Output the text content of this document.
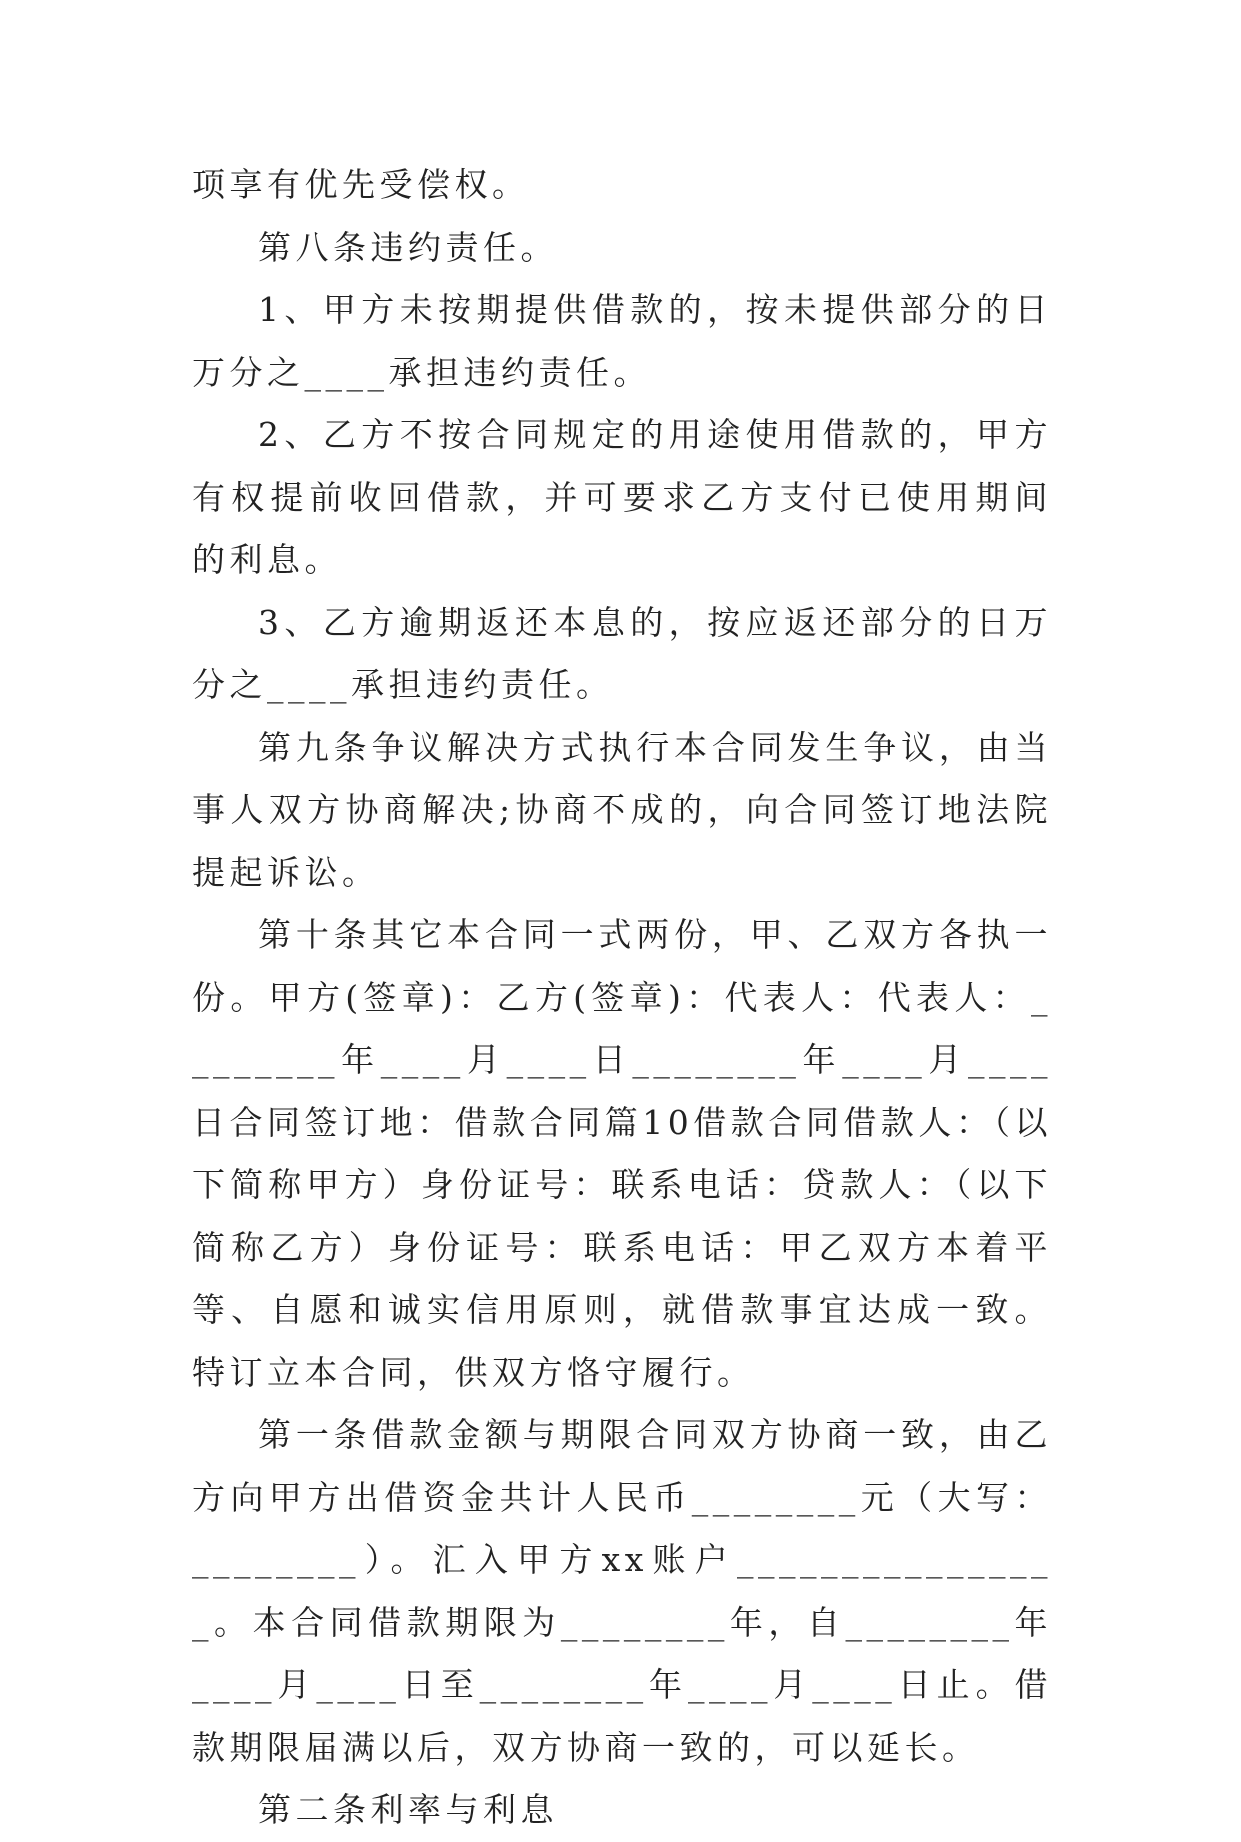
项享有优先受偿权。

第八条违约责任。

1、甲方未按期提供借款的，按未提供部分的日万分之____承担违约责任。

2、乙方不按合同规定的用途使用借款的，甲方有权提前收回借款，并可要求乙方支付已使用期间的利息。

3、乙方逾期返还本息的，按应返还部分的日万分之____承担违约责任。

第九条争议解决方式执行本合同发生争议，由当事人双方协商解决;协商不成的，向合同签订地法院提起诉讼。

第十条其它本合同一式两份，甲、乙双方各执一份。甲方(签章)：乙方(签章)：代表人：代表人：________年____月____日________年____月____日合同签订地：借款合同篇10借款合同借款人：（以下简称甲方）身份证号：联系电话：贷款人：（以下简称乙方）身份证号：联系电话：甲乙双方本着平等、自愿和诚实信用原则，就借款事宜达成一致。特订立本合同，供双方恪守履行。

第一条借款金额与期限合同双方协商一致，由乙方向甲方出借资金共计人民币________元（大写：________）。汇入甲方xx账户________________。本合同借款期限为________年，自________年____月____日至________年____月____日止。借款期限届满以后，双方协商一致的，可以延长。

第二条利率与利息
